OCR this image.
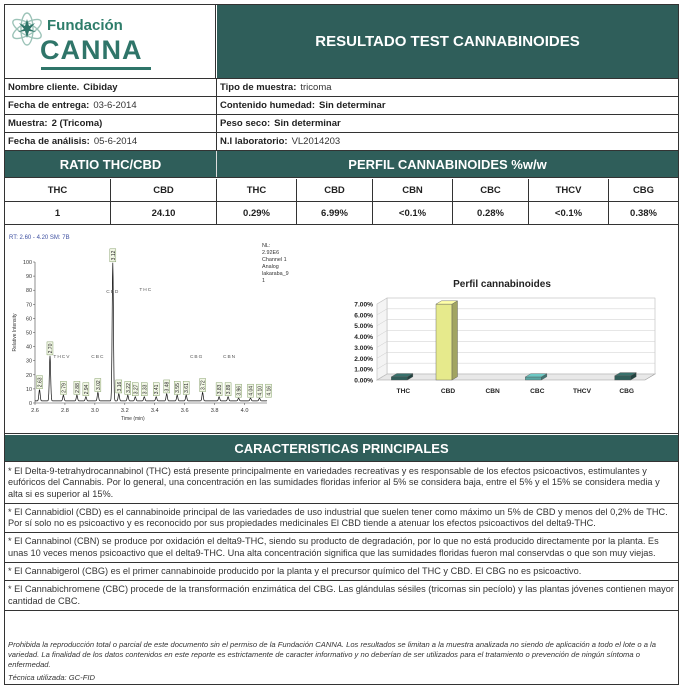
Fundación
CANNA	RESULTADO TEST CANNABINOIDES
Nombre cliente. Cibiday	Tipo de muestra: tricoma
Fecha de entrega: 03-6-2014	Contenido humedad: Sin determinar
Muestra: 2 (Tricoma)	Peso seco: Sin determinar
Fecha de análisis: 05-6-2014	N.I laboratorio: VL2014203
RATIO THC/CBD	PERFIL CANNABINOIDES %w/w
THC	CBD	THC	CBD	CBN	CBC	THCV	CBG
1	24.10	0.29%	6.99%	<0.1%	0.28%	<0.1%	0.38%
RT: 2.60 - 4.20 SM: 7B
NL:
2.92E6
Channel 1
Analog
lakaraba_9
1
0
10
20
30
40
50
60
70
80
90
100
2.6	2.8	3.0	3.2	3.4	3.6	3.8	4.0
Time (min)
Relative Intensity
2.63
2.70
2.79 2.88 2.94 3.02
3.12
3.16 3.22 3.27 3.33 3.41 3.48 3.55 3.61 3.72 3.83 3.89 3.96 4.04 4.10 4.16
THCV	CBC
CBD	THC
CBG	CBN
Perfil cannabinoides
0.00%
1.00%
2.00%
3.00%
4.00%
5.00%
6.00%
7.00%
THC	CBD	CBN	CBC	THCV	CBG
CARACTERISTICAS PRINCIPALES
* El Delta-9-tetrahydrocannabinol (THC) está presente principalmente en variedades recreativas y es responsable de los efectos psicoactivos, estimulantes y eufóricos del Cannabis. Por lo general, una concentración en las sumidades floridas inferior al 5% se considera baja, entre el 5% y el 15% se considera media y alta si es superior al 15%.
* El Cannabidiol (CBD) es el cannabinoide principal de las variedades de uso industrial que suelen tener como máximo un 5% de CBD y menos del 0,2% de THC. Por sí solo no es psicoactivo y es reconocido por sus propiedades medicinales El CBD tiende a atenuar los efectos psicoactivos del delta9-THC.
* El Cannabinol (CBN) se produce por oxidación el delta9-THC, siendo su producto de degradación, por lo que no está producido directamente por la planta. Es unas 10 veces menos psicoactivo que el delta9-THC. Una alta concentración significa que las sumidades floridas fueron mal conservdas o que son muy viejas.
* El Cannabigerol (CBG) es el primer cannabinoide producido por la planta y el precursor químico del THC y CBD. El CBG no es psicoactivo.
* El Cannabichromene (CBC) procede de la transformación enzimática del CBG. Las glándulas sésiles (tricomas sin pecíolo) y las plantas jóvenes contienen mayor cantidad de CBC.
Prohibida la reproducción total o parcial de este documento sin el permiso de la Fundación CANNA. Los resultados se limitan a la muestra analizada no siendo de aplicación a todo el lote o a la variedad. La finalidad de los datos contenidos en este reporte es estrictamente de caracter informativo y no deberían de ser utilizados para el tratamiento o prevención de ningún síntoma o enfermedad.
Técnica utilizada: GC-FID
